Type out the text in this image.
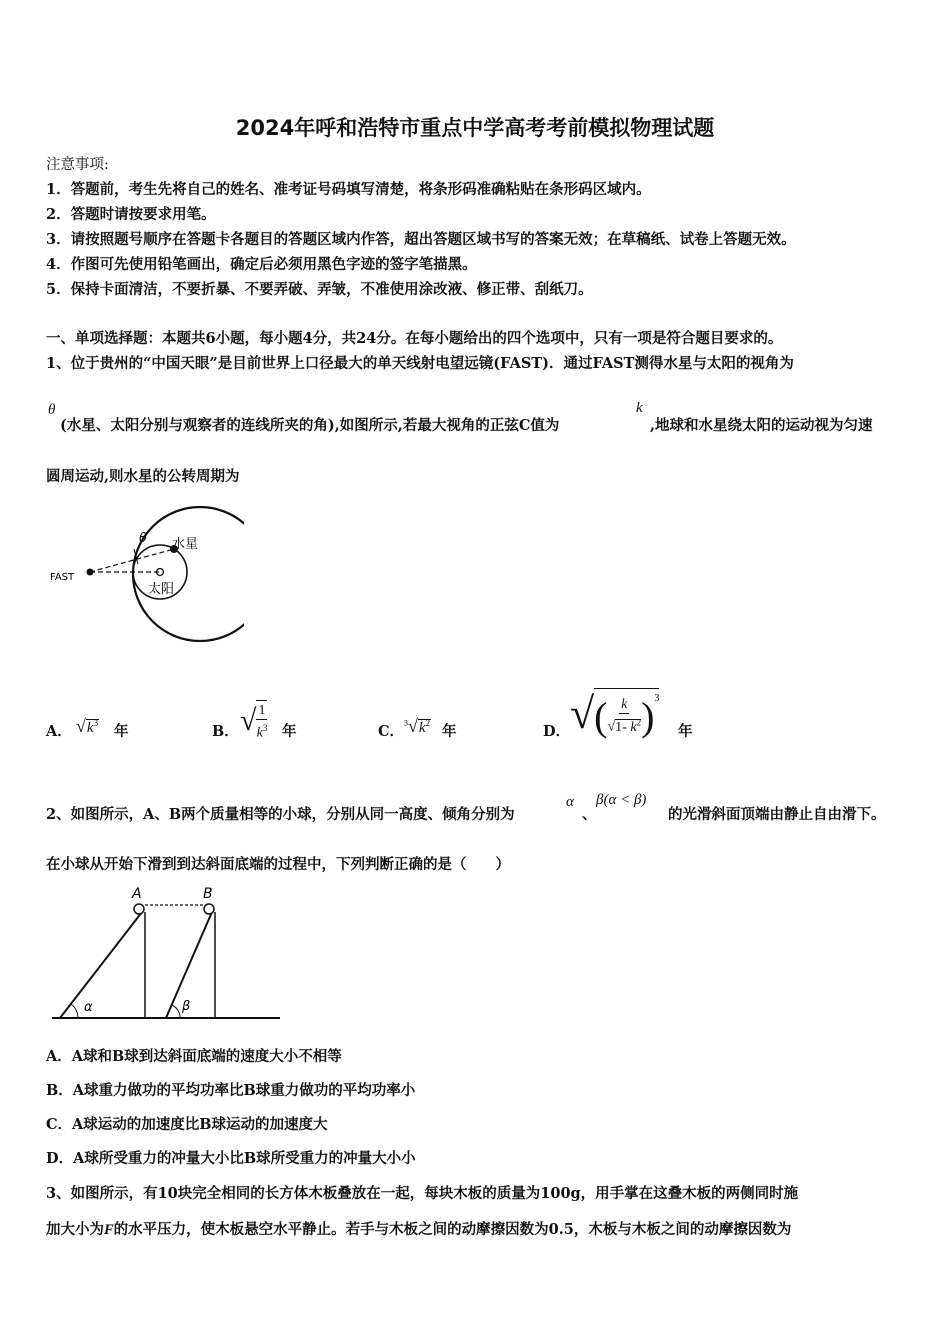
2024年呼和浩特市重点中学高考考前模拟物理试题
注意事项:
1．答题前，考生先将自己的姓名、准考证号码填写清楚，将条形码准确粘贴在条形码区域内。
2．答题时请按要求用笔。
3．请按照题号顺序在答题卡各题目的答题区域内作答，超出答题区域书写的答案无效；在草稿纸、试卷上答题无效。
4．作图可先使用铅笔画出，确定后必须用黑色字迹的签字笔描黑。
5．保持卡面清洁，不要折暴、不要弄破、弄皱，不准使用涂改液、修正带、刮纸刀。
一、单项选择题：本题共6小题，每小题4分，共24分。在每小题给出的四个选项中，只有一项是符合题目要求的。
1、位于贵州的“中国天眼”是目前世界上口径最大的单天线射电望远镜(FAST)．通过FAST测得水星与太阳的视角为
θ
(水星、太阳分别与观察者的连线所夹的角),如图所示,若最大视角的正弦C值为
k
,地球和水星绕太阳的运动视为匀速
圆周运动,则水星的公转周期为
θ 水星
太阳
FAST
A． $√k^3$ 年	B． √ $\frac{1}{k^3}$ 年	C． $^3√k^2$ 年	D． √ ( $\frac{k}{√1- k^2} )^3$
年
2、如图所示，A、B两个质量相等的小球，分别从同一高度、倾角分别为
α
、
β(α < β)
的光滑斜面顶端由静止自由滑下。
在小球从开始下滑到到达斜面底端的过程中，下列判断正确的是（　　）
A	B
α	β
A．A球和B球到达斜面底端的速度大小不相等
B．A球重力做功的平均功率比B球重力做功的平均功率小
C．A球运动的加速度比B球运动的加速度大
D．A球所受重力的冲量大小比B球所受重力的冲量大小小
3、如图所示，有10块完全相同的长方体木板叠放在一起，每块木板的质量为100g，用手掌在这叠木板的两侧同时施
加大小为F的水平压力，使木板悬空水平静止。若手与木板之间的动摩擦因数为0.5，木板与木板之间的动摩擦因数为
